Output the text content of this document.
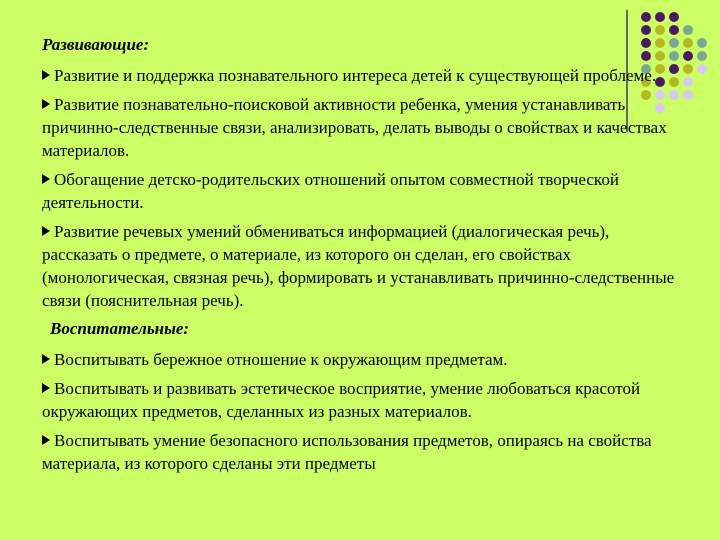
Развивающие:
Развитие и поддержка познавательного интереса детей к существующей проблеме.
Развитие познавательно-поисковой активности ребенка, умения устанавливать причинно-следственные связи, анализировать, делать выводы о свойствах и качествах материалов.
Обогащение детско-родительских отношений опытом совместной творческой деятельности.
Развитие речевых умений обмениваться информацией (диалогическая речь), рассказать о предмете, о материале, из которого он сделан, его свойствах (монологическая, связная речь), формировать и устанавливать причинно-следственные связи (пояснительная речь).
Воспитательные:
Воспитывать бережное отношение к окружающим предметам.
Воспитывать и развивать эстетическое восприятие, умение любоваться красотой окружающих предметов, сделанных из разных материалов.
Воспитывать умение безопасного использования предметов, опираясь на свойства материала, из которого сделаны эти предметы
